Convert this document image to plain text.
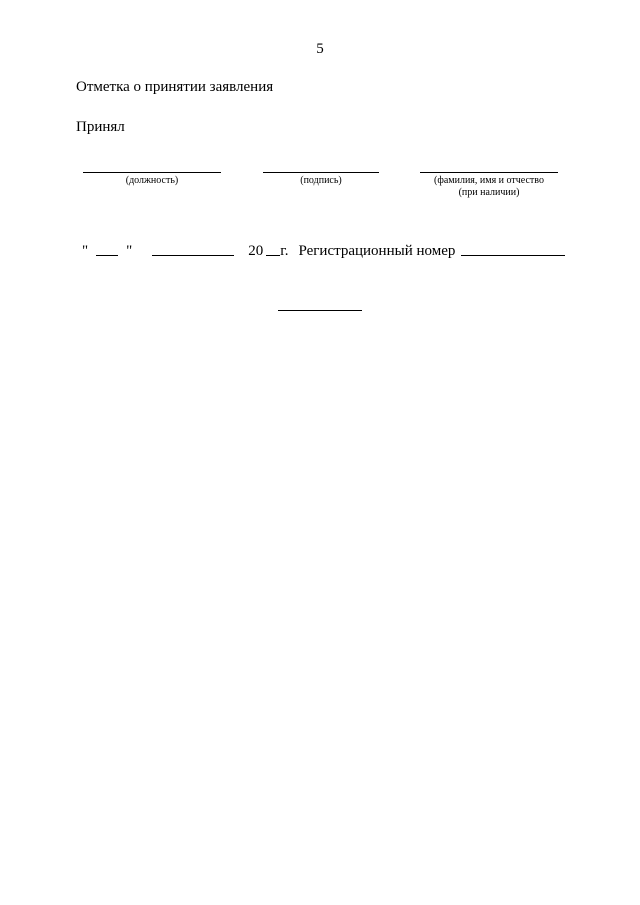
5
Отметка о принятии заявления
Принял
(должность)	(подпись)	(фамилия, имя и отчество
(при наличии)
"	"	20 г. Регистрационный номер
